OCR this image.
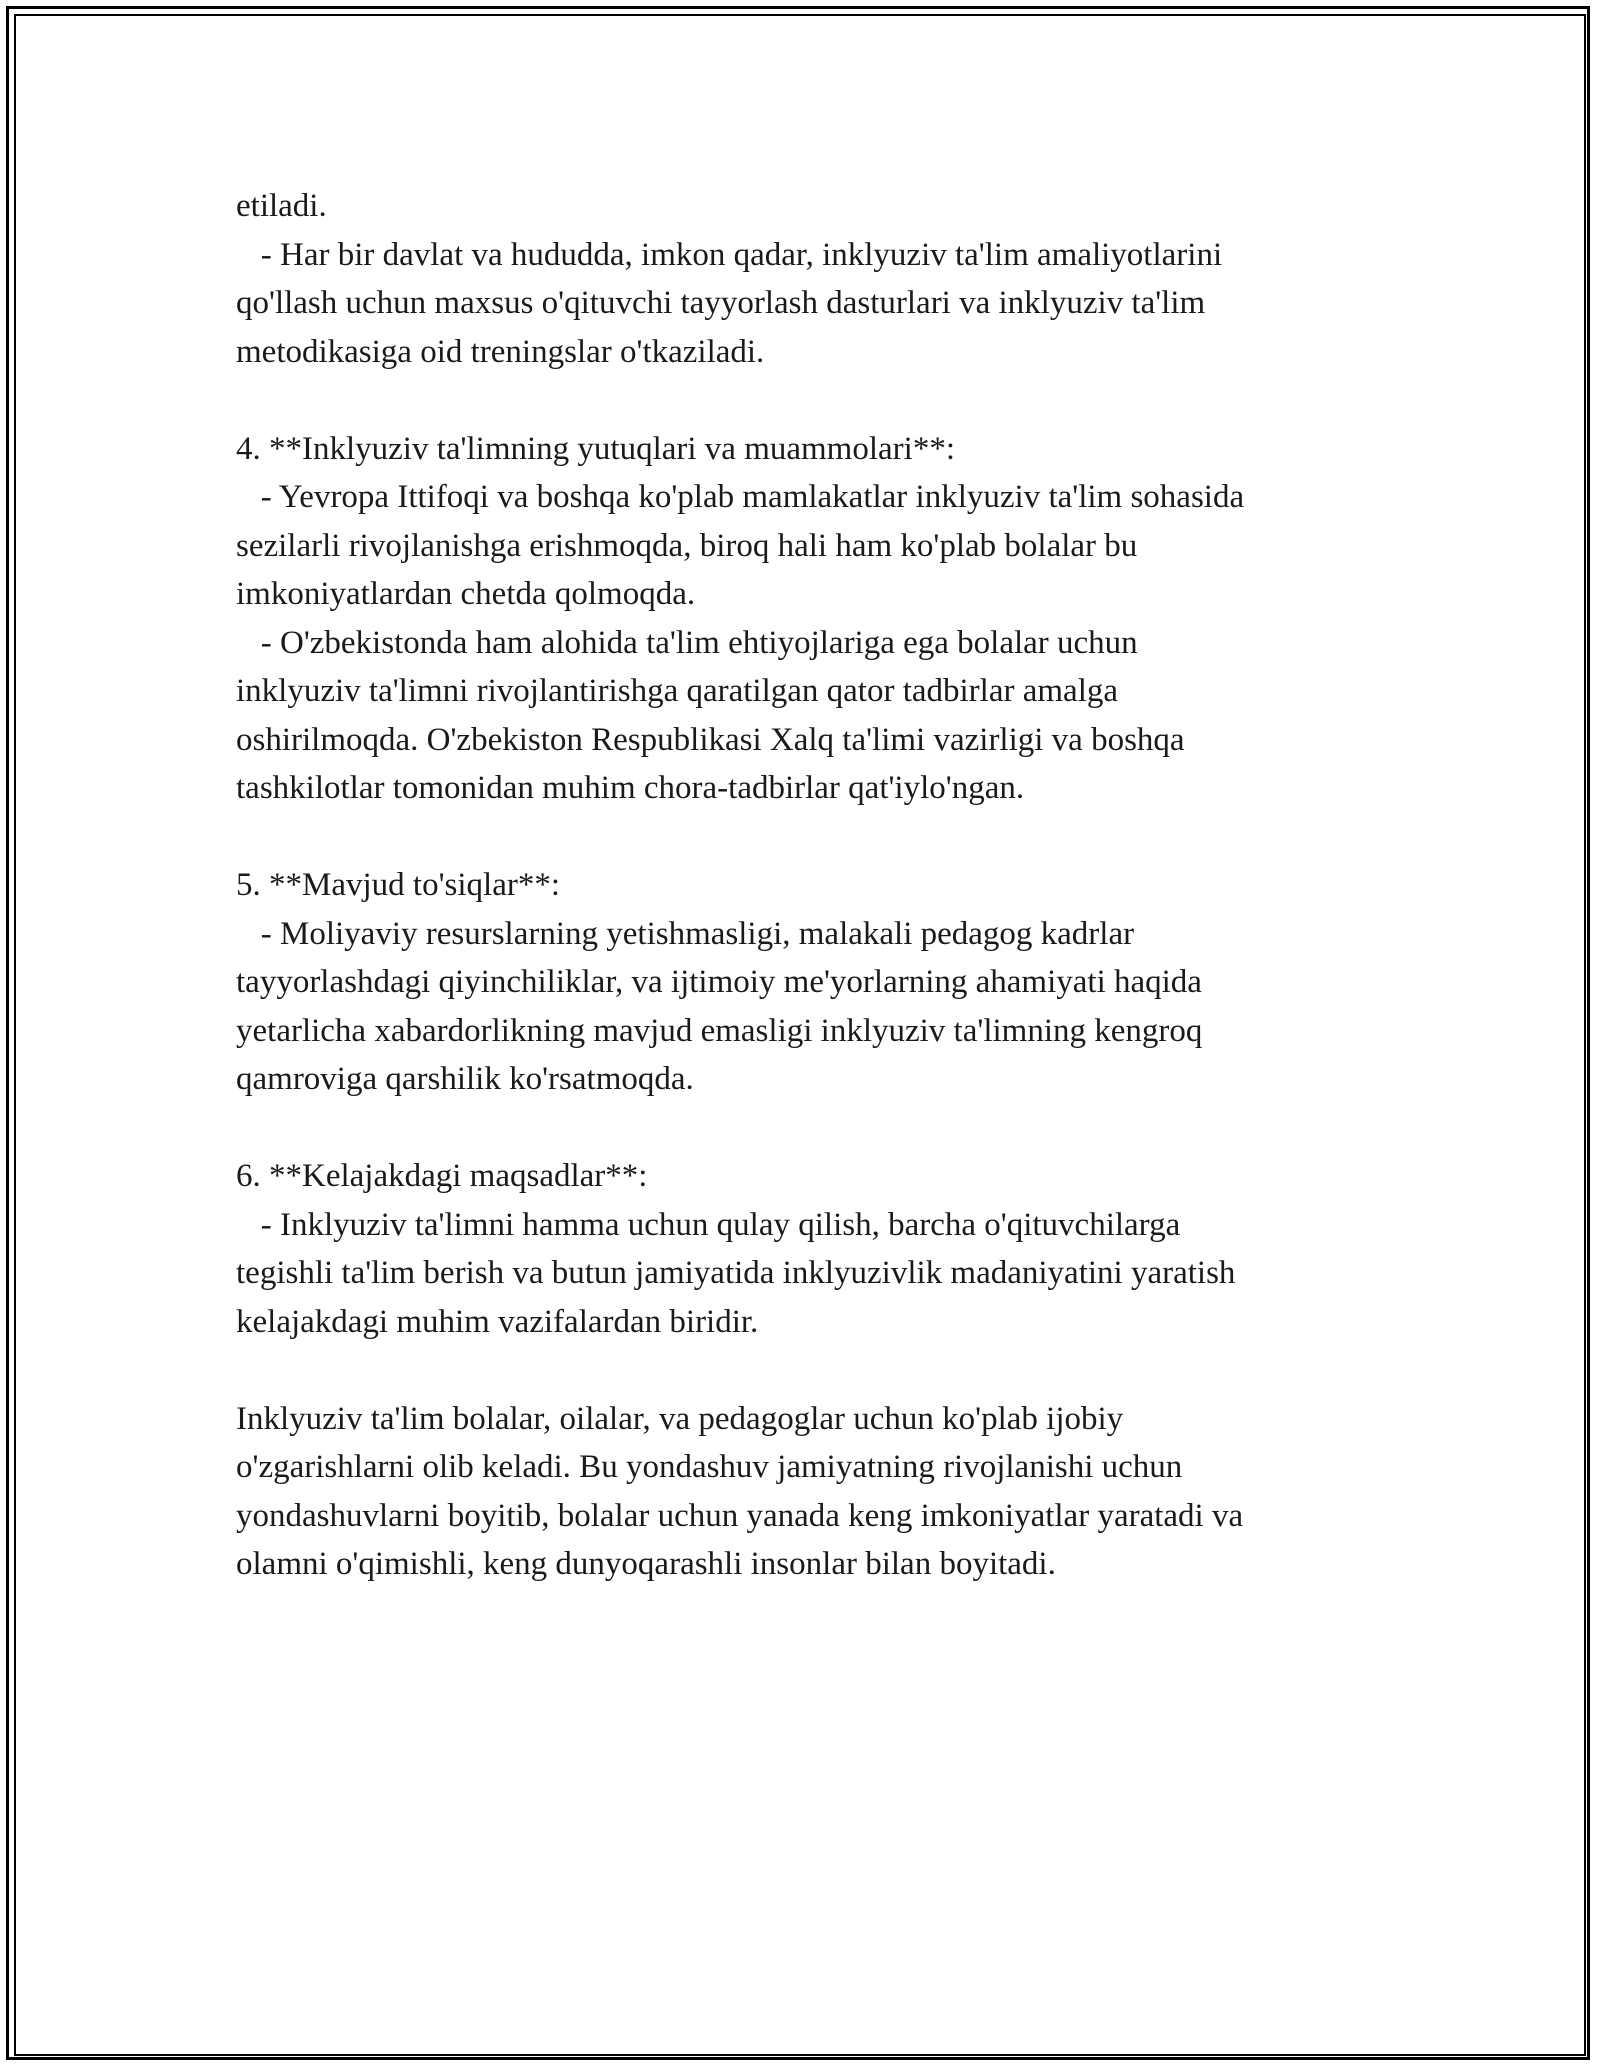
etiladi.
- Har bir davlat va hududda, imkon qadar, inklyuziv ta'lim amaliyotlarini
qo'llash uchun maxsus o'qituvchi tayyorlash dasturlari va inklyuziv ta'lim
metodikasiga oid treningslar o'tkaziladi.
4. **Inklyuziv ta'limning yutuqlari va muammolari**:
- Yevropa Ittifoqi va boshqa ko'plab mamlakatlar inklyuziv ta'lim sohasida
sezilarli rivojlanishga erishmoqda, biroq hali ham ko'plab bolalar bu
imkoniyatlardan chetda qolmoqda.
- O'zbekistonda ham alohida ta'lim ehtiyojlariga ega bolalar uchun
inklyuziv ta'limni rivojlantirishga qaratilgan qator tadbirlar amalga
oshirilmoqda. O'zbekiston Respublikasi Xalq ta'limi vazirligi va boshqa
tashkilotlar tomonidan muhim chora-tadbirlar qat'iylo'ngan.
5. **Mavjud to'siqlar**:
- Moliyaviy resurslarning yetishmasligi, malakali pedagog kadrlar
tayyorlashdagi qiyinchiliklar, va ijtimoiy me'yorlarning ahamiyati haqida
yetarlicha xabardorlikning mavjud emasligi inklyuziv ta'limning kengroq
qamroviga qarshilik ko'rsatmoqda.
6. **Kelajakdagi maqsadlar**:
- Inklyuziv ta'limni hamma uchun qulay qilish, barcha o'qituvchilarga
tegishli ta'lim berish va butun jamiyatida inklyuzivlik madaniyatini yaratish
kelajakdagi muhim vazifalardan biridir.
Inklyuziv ta'lim bolalar, oilalar, va pedagoglar uchun ko'plab ijobiy
o'zgarishlarni olib keladi. Bu yondashuv jamiyatning rivojlanishi uchun
yondashuvlarni boyitib, bolalar uchun yanada keng imkoniyatlar yaratadi va
olamni o'qimishli, keng dunyoqarashli insonlar bilan boyitadi.
